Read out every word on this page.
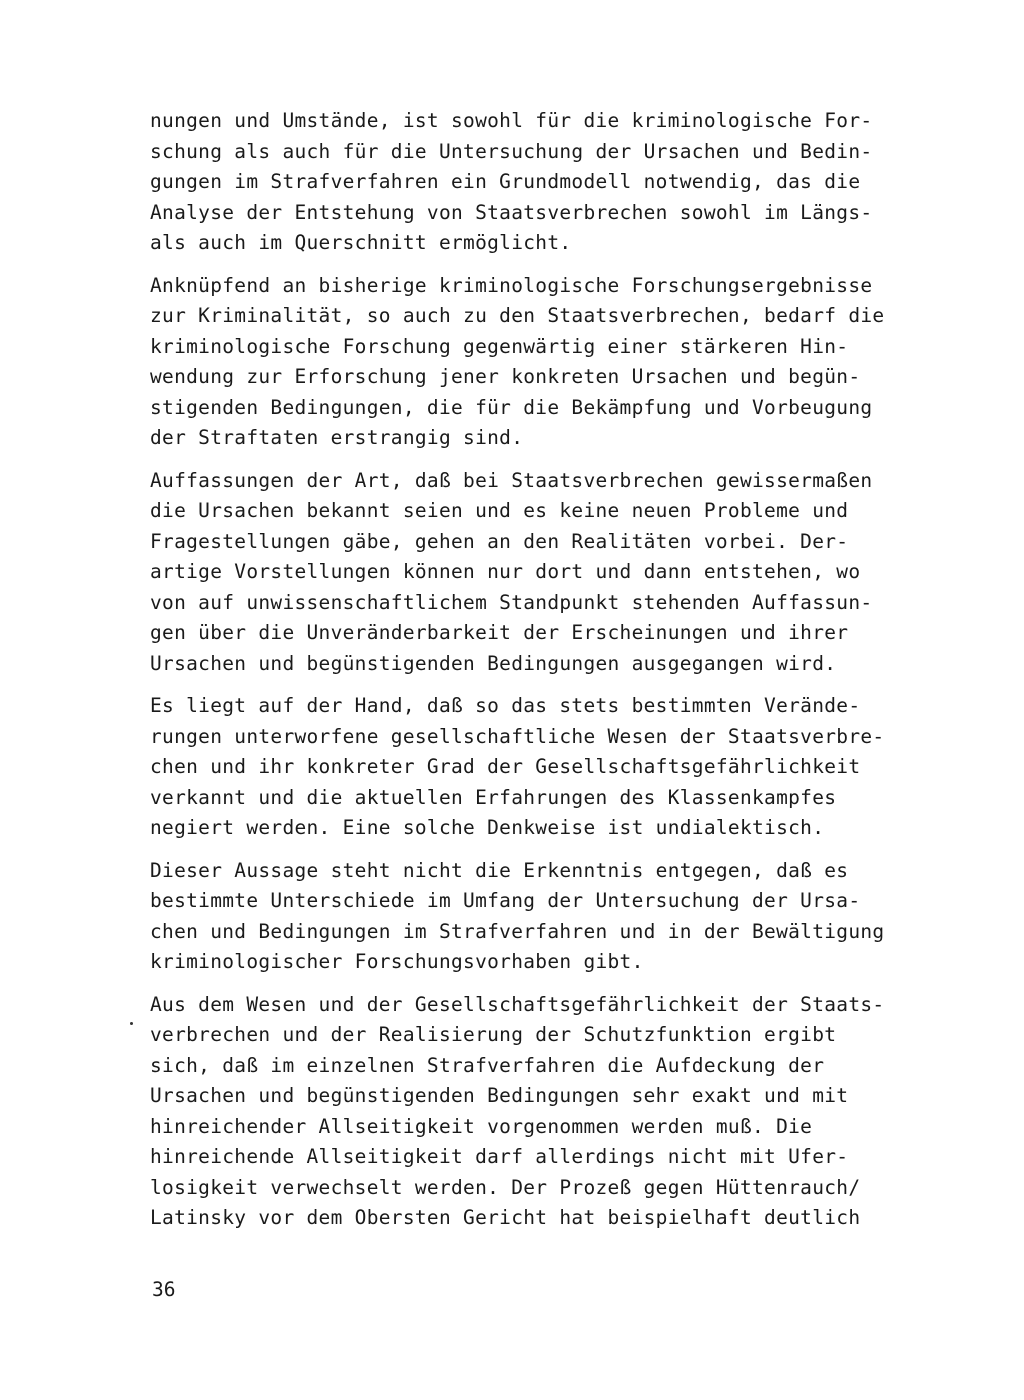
nungen und Umstände, ist sowohl für die kriminologische For-
schung als auch für die Untersuchung der Ursachen und Bedin-
gungen im Strafverfahren ein Grundmodell notwendig, das die
Analyse der Entstehung von Staatsverbrechen sowohl im Längs-
als auch im Querschnitt ermöglicht.
Anknüpfend an bisherige kriminologische Forschungsergebnisse
zur Kriminalität, so auch zu den Staatsverbrechen, bedarf die
kriminologische Forschung gegenwärtig einer stärkeren Hin-
wendung zur Erforschung jener konkreten Ursachen und begün-
stigenden Bedingungen, die für die Bekämpfung und Vorbeugung
der Straftaten erstrangig sind.
Auffassungen der Art, daß bei Staatsverbrechen gewissermaßen
die Ursachen bekannt seien und es keine neuen Probleme und
Fragestellungen gäbe, gehen an den Realitäten vorbei. Der-
artige Vorstellungen können nur dort und dann entstehen, wo
von auf unwissenschaftlichem Standpunkt stehenden Auffassun-
gen über die Unveränderbarkeit der Erscheinungen und ihrer
Ursachen und begünstigenden Bedingungen ausgegangen wird.
Es liegt auf der Hand, daß so das stets bestimmten Verände-
rungen unterworfene gesellschaftliche Wesen der Staatsverbre-
chen und ihr konkreter Grad der Gesellschaftsgefährlichkeit
verkannt und die aktuellen Erfahrungen des Klassenkampfes
negiert werden. Eine solche Denkweise ist undialektisch.
Dieser Aussage steht nicht die Erkenntnis entgegen, daß es
bestimmte Unterschiede im Umfang der Untersuchung der Ursa-
chen und Bedingungen im Strafverfahren und in der Bewältigung
kriminologischer Forschungsvorhaben gibt.
Aus dem Wesen und der Gesellschaftsgefährlichkeit der Staats-
verbrechen und der Realisierung der Schutzfunktion ergibt
sich, daß im einzelnen Strafverfahren die Aufdeckung der
Ursachen und begünstigenden Bedingungen sehr exakt und mit
hinreichender Allseitigkeit vorgenommen werden muß. Die
hinreichende Allseitigkeit darf allerdings nicht mit Ufer-
losigkeit verwechselt werden. Der Prozeß gegen Hüttenrauch/
Latinsky vor dem Obersten Gericht hat beispielhaft deutlich
36
